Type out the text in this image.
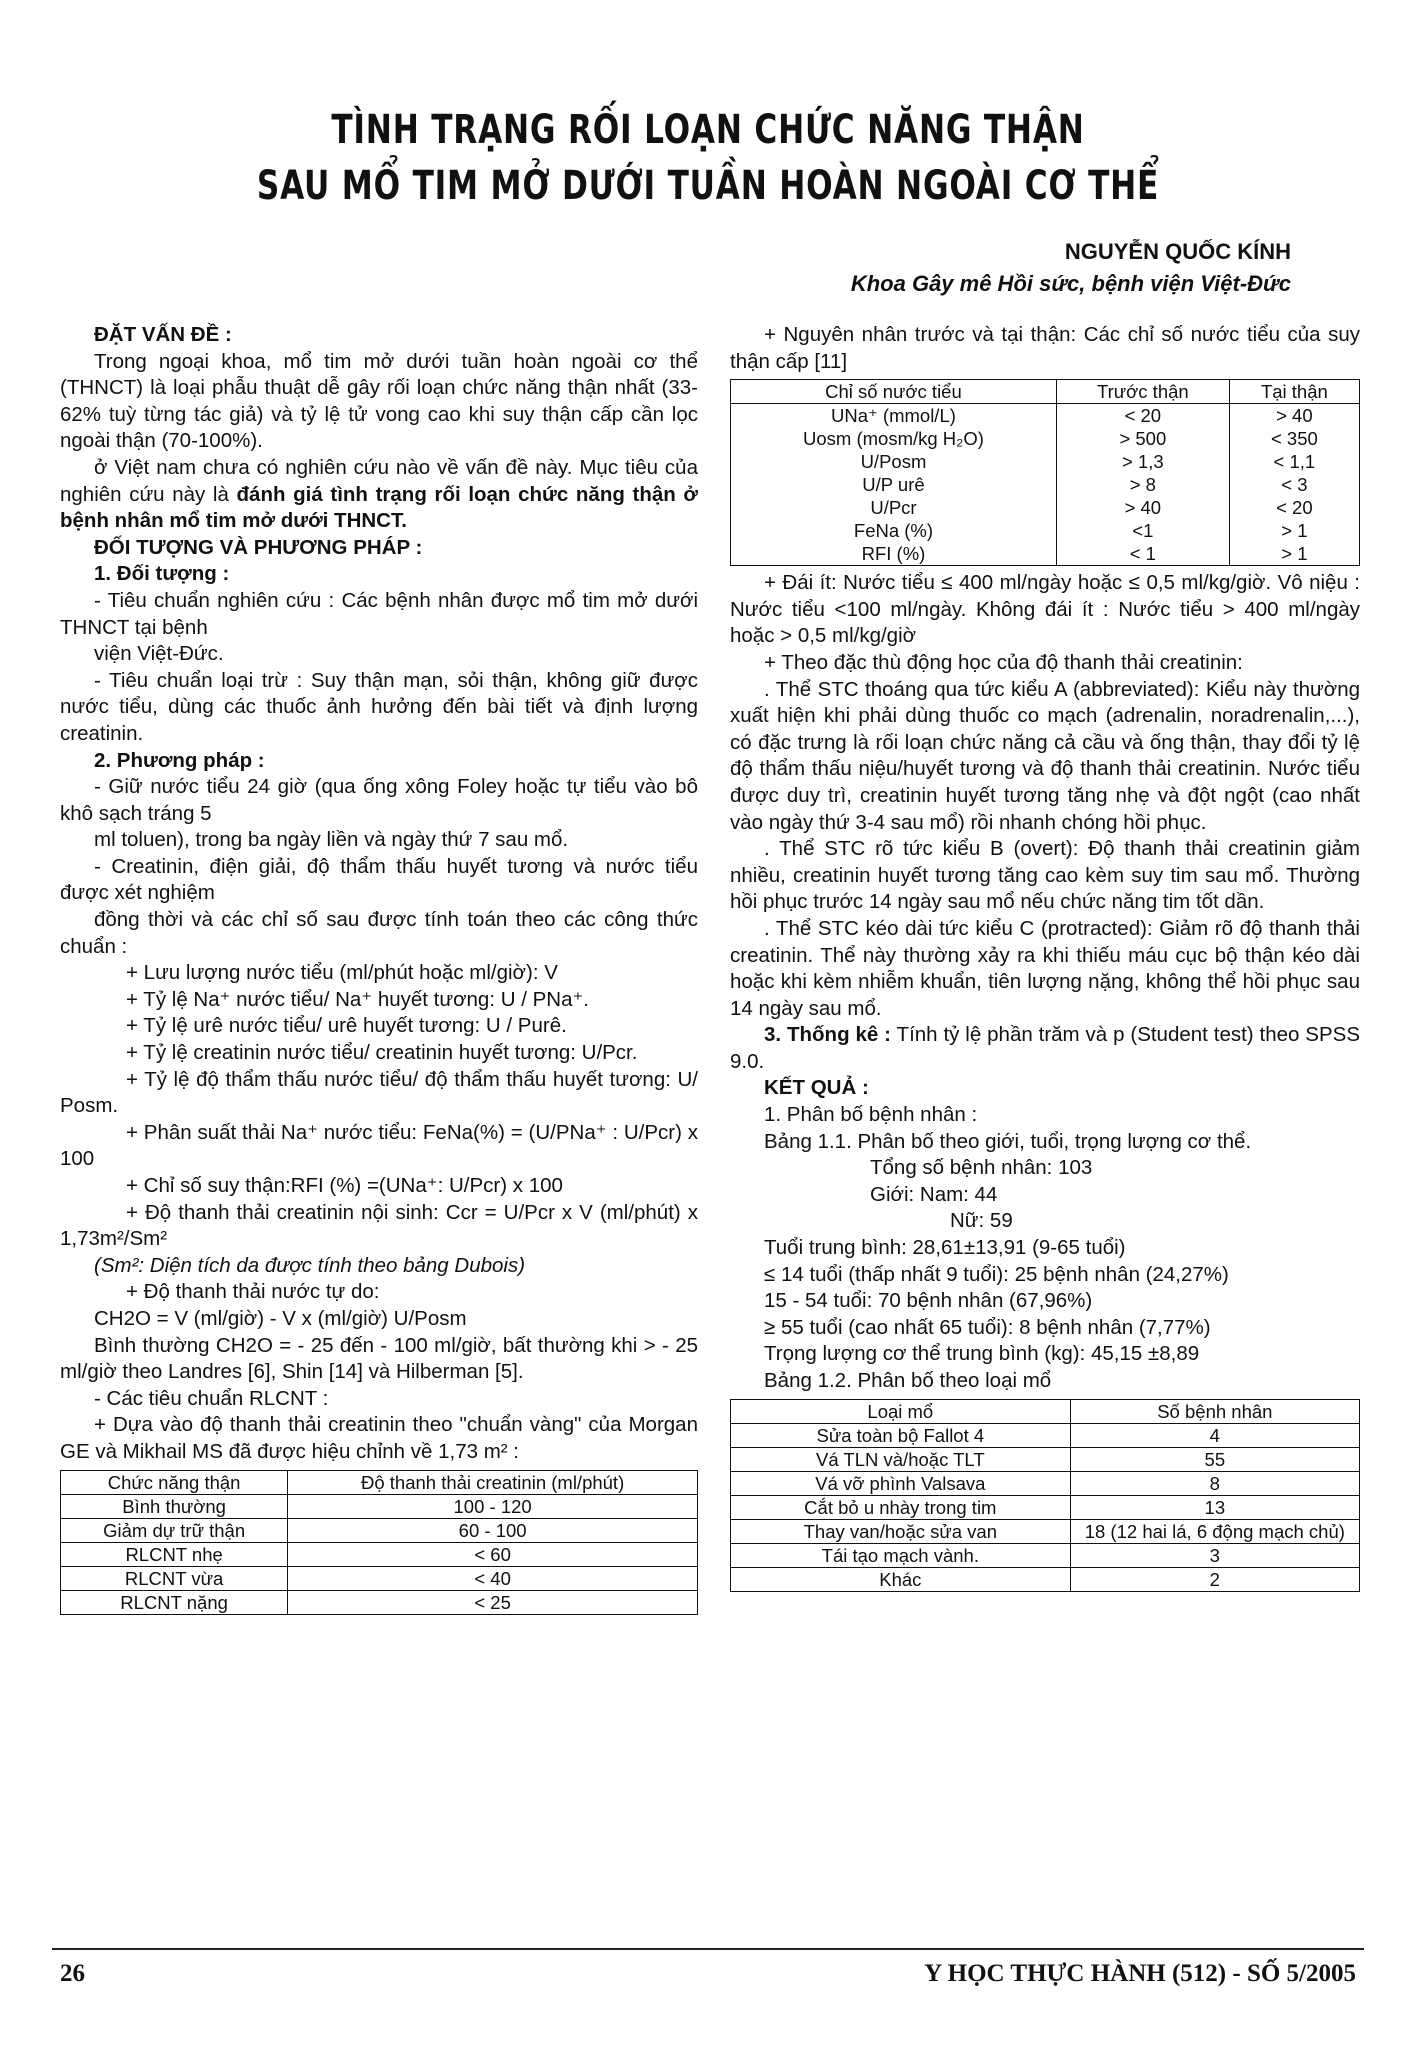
TÌNH TRẠNG RỐI LOẠN CHỨC NĂNG THẬN
SAU MỔ TIM MỞ DƯỚI TUẦN HOÀN NGOÀI CƠ THỂ
NGUYỄN QUỐC KÍNH
Khoa Gây mê Hồi sức, bệnh viện Việt-Đức

ĐẶT VẤN ĐỀ :

Trong ngoại khoa, mổ tim mở dưới tuần hoàn ngoài cơ thể (THNCT) là loại phẫu thuật dễ gây rối loạn chức năng thận nhất (33-62% tuỳ từng tác giả) và tỷ lệ tử vong cao khi suy thận cấp cần lọc ngoài thận (70-100%).

ở Việt nam chưa có nghiên cứu nào về vấn đề này. Mục tiêu của nghiên cứu này là đánh giá tình trạng rối loạn chức năng thận ở bệnh nhân mổ tim mở dưới THNCT.

ĐỐI TƯỢNG VÀ PHƯƠNG PHÁP :

1. Đối tượng :

- Tiêu chuẩn nghiên cứu : Các bệnh nhân được mổ tim mở dưới THNCT tại bệnh

viện Việt-Đức.

- Tiêu chuẩn loại trừ : Suy thận mạn, sỏi thận, không giữ được nước tiểu, dùng các thuốc ảnh hưởng đến bài tiết và định lượng creatinin.

2. Phương pháp :

- Giữ nước tiểu 24 giờ (qua ống xông Foley hoặc tự tiểu vào bô khô sạch tráng 5

ml toluen), trong ba ngày liền và ngày thứ 7 sau mổ.

- Creatinin, điện giải, độ thẩm thấu huyết tương và nước tiểu được xét nghiệm

đồng thời và các chỉ số sau được tính toán theo các công thức chuẩn :

+ Lưu lượng nước tiểu (ml/phút hoặc ml/giờ): V

+ Tỷ lệ Na⁺ nước tiểu/ Na⁺ huyết tương: U / PNa⁺.

+ Tỷ lệ urê nước tiểu/ urê huyết tương: U / Purê.

+ Tỷ lệ creatinin nước tiểu/ creatinin huyết tương: U/Pcr.

+ Tỷ lệ độ thẩm thấu nước tiểu/ độ thẩm thấu huyết tương: U/ Posm.

+ Phân suất thải Na⁺ nước tiểu: FeNa(%) = (U/PNa⁺ : U/Pcr) x 100

+ Chỉ số suy thận:RFI (%) =(UNa⁺: U/Pcr) x 100

+ Độ thanh thải creatinin nội sinh: Ccr = U/Pcr x V (ml/phút) x 1,73m²/Sm²

(Sm²: Diện tích da được tính theo bảng Dubois)

+ Độ thanh thải nước tự do:

CH2O = V (ml/giờ) - V x (ml/giờ) U/Posm

Bình thường CH2O = - 25 đến - 100 ml/giờ, bất thường khi > - 25 ml/giờ theo Landres [6], Shin [14] và Hilberman [5].

- Các tiêu chuẩn RLCNT :

+ Dựa vào độ thanh thải creatinin theo "chuẩn vàng" của Morgan GE và Mikhail MS đã được hiệu chỉnh về 1,73 m² :

Chức năng thận	Độ thanh thải creatinin (ml/phút)
Bình thường	100 - 120
Giảm dự trữ thận	60 - 100
RLCNT nhẹ	< 60
RLCNT vừa	< 40
RLCNT nặng	< 25

+ Nguyên nhân trước và tại thận: Các chỉ số nước tiểu của suy thận cấp [11]

Chỉ số nước tiểu	Trước thận	Tại thận
UNa⁺ (mmol/L)	< 20	> 40
Uosm (mosm/kg H₂O)	> 500	< 350
U/Posm	> 1,3	< 1,1
U/P urê	> 8	< 3
U/Pcr	> 40	< 20
FeNa (%)	<1	> 1
RFI (%)	< 1	> 1

+ Đái ít: Nước tiểu ≤ 400 ml/ngày hoặc ≤ 0,5 ml/kg/giờ. Vô niệu : Nước tiểu <100 ml/ngày. Không đái ít : Nước tiểu > 400 ml/ngày hoặc > 0,5 ml/kg/giờ

+ Theo đặc thù động học của độ thanh thải creatinin:

. Thể STC thoáng qua tức kiểu A (abbreviated): Kiểu này thường xuất hiện khi phải dùng thuốc co mạch (adrenalin, noradrenalin,...), có đặc trưng là rối loạn chức năng cả cầu và ống thận, thay đổi tỷ lệ độ thẩm thấu niệu/huyết tương và độ thanh thải creatinin. Nước tiểu được duy trì, creatinin huyết tương tăng nhẹ và đột ngột (cao nhất vào ngày thứ 3-4 sau mổ) rồi nhanh chóng hồi phục.

. Thể STC rõ tức kiểu B (overt): Độ thanh thải creatinin giảm nhiều, creatinin huyết tương tăng cao kèm suy tim sau mổ. Thường hồi phục trước 14 ngày sau mổ nếu chức năng tim tốt dần.

. Thể STC kéo dài tức kiểu C (protracted): Giảm rõ độ thanh thải creatinin. Thể này thường xảy ra khi thiếu máu cục bộ thận kéo dài hoặc khi kèm nhiễm khuẩn, tiên lượng nặng, không thể hồi phục sau 14 ngày sau mổ.

3. Thống kê : Tính tỷ lệ phần trăm và p (Student test) theo SPSS 9.0.

KẾT QUẢ :

1. Phân bố bệnh nhân :

Bảng 1.1. Phân bố theo giới, tuổi, trọng lượng cơ thể.

Tổng số bệnh nhân: 103

Giới: Nam: 44

Nữ: 59

Tuổi trung bình: 28,61±13,91 (9-65 tuổi)

≤ 14 tuổi (thấp nhất 9 tuổi): 25 bệnh nhân (24,27%)

15 - 54 tuổi: 70 bệnh nhân (67,96%)

≥ 55 tuổi (cao nhất 65 tuổi): 8 bệnh nhân (7,77%)

Trọng lượng cơ thể trung bình (kg): 45,15 ±8,89

Bảng 1.2. Phân bố theo loại mổ

Loại mổ	Số bệnh nhân
Sửa toàn bộ Fallot 4	4
Vá TLN và/hoặc TLT	55
Vá vỡ phình Valsava	8
Cắt bỏ u nhày trong tim	13
Thay van/hoặc sửa van	18 (12 hai lá, 6 động mạch chủ)
Tái tạo mạch vành.	3
Khác	2
26	Y HỌC THỰC HÀNH (512) - SỐ 5/2005
